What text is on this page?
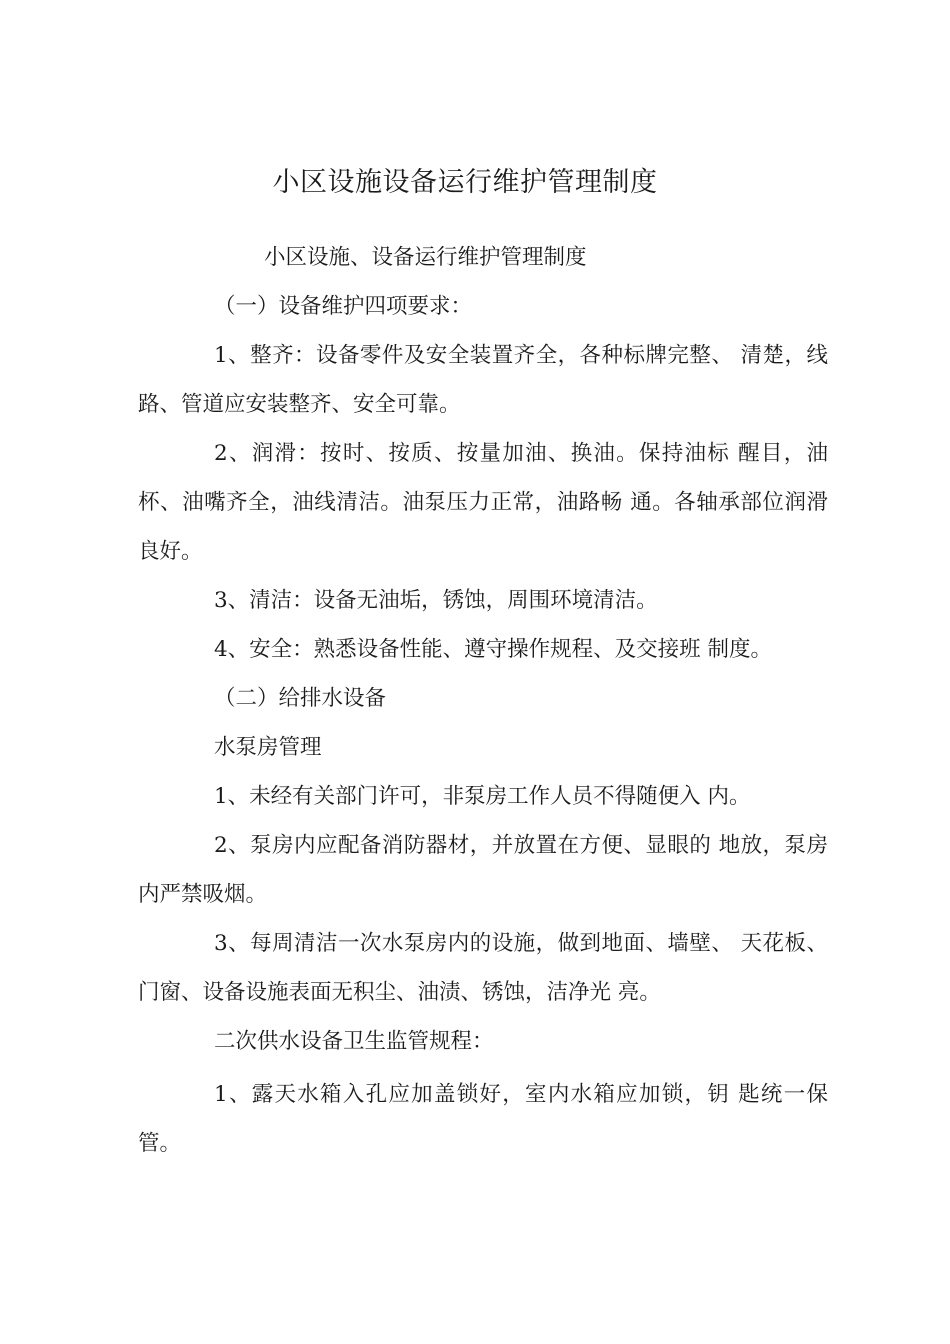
小区设施设备运行维护管理制度

小区设施、设备运行维护管理制度

（一）设备维护四项要求：

1、整齐：设备零件及安全装置齐全，各种标牌完整、 清楚，线路、管道应安装整齐、安全可靠。

2、润滑：按时、按质、按量加油、换油。保持油标 醒目，油杯、油嘴齐全，油线清洁。油泵压力正常，油路畅 通。各轴承部位润滑良好。

3、清洁：设备无油垢，锈蚀，周围环境清洁。

4、安全：熟悉设备性能、遵守操作规程、及交接班 制度。

（二）给排水设备

水泵房管理

1、未经有关部门许可，非泵房工作人员不得随便入 内。

2、泵房内应配备消防器材，并放置在方便、显眼的 地放，泵房内严禁吸烟。

3、每周清洁一次水泵房内的设施，做到地面、墙壁、 天花板、门窗、设备设施表面无积尘、油渍、锈蚀，洁净光 亮。

二次供水设备卫生监管规程：

1、露天水箱入孔应加盖锁好，室内水箱应加锁，钥 匙统一保管。
